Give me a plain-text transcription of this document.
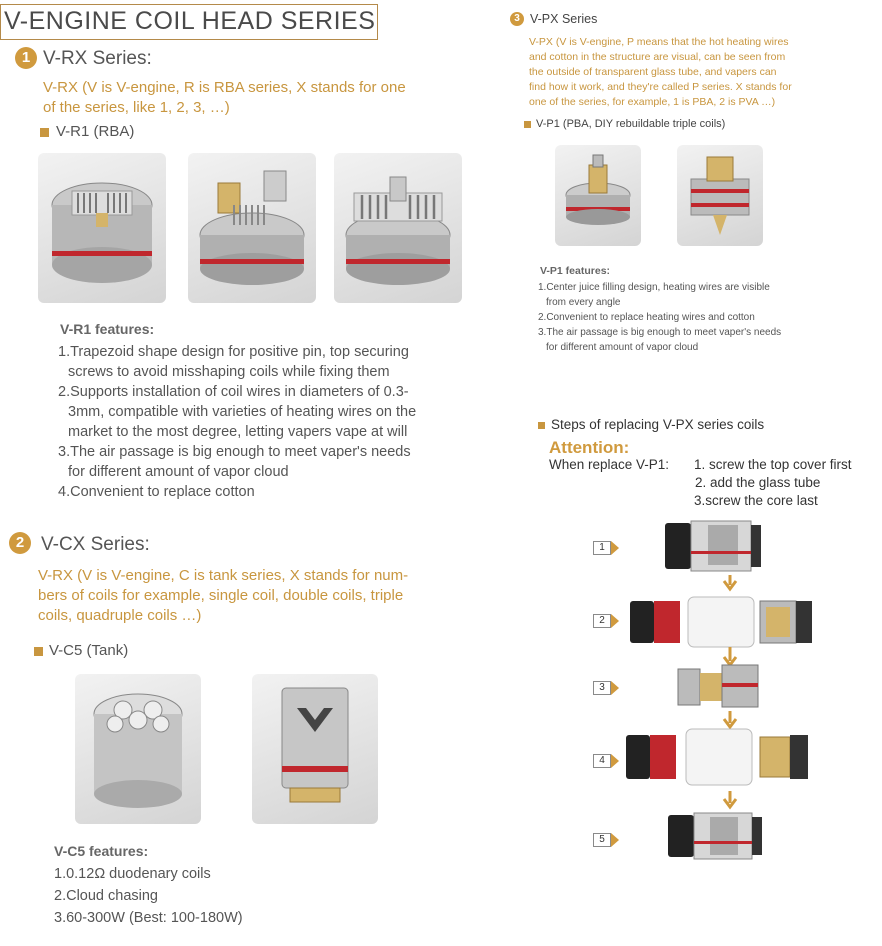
V-ENGINE COIL HEAD SERIES
1 V-RX Series:
V-RX (V is V-engine, R is RBA series, X stands for one
of the series, like 1, 2, 3, …)
V-R1 (RBA)
V-R1 features:
1.Trapezoid shape design for positive pin, top securing
screws to avoid misshaping coils while fixing them
2.Supports installation of coil wires in diameters of 0.3-
3mm, compatible with varieties of heating wires on the
market to the most degree, letting vapers vape at will
3.The air passage is big enough to meet vaper's needs
for different amount of vapor cloud
4.Convenient to replace cotton
2 V-CX Series:
V-RX (V is V-engine, C is tank series, X stands for num-
bers of coils for example, single coil, double coils, triple
coils, quadruple coils …)
V-C5 (Tank)
V-C5 features:
1.0.12Ω duodenary coils
2.Cloud chasing
3.60-300W (Best: 100-180W)
3 V-PX Series
V-PX (V is V-engine, P means that the hot heating wires
and cotton in the structure are visual, can be seen from
the outside of transparent glass tube, and vapers can
find how it work, and they're called P series. X stands for
one of the series, for example, 1 is PBA, 2 is PVA …)
V-P1 (PBA, DIY rebuildable triple coils)
V-P1 features:
1.Center juice filling design, heating wires are visible
from every angle
2.Convenient to replace heating wires and cotton
3.The air passage is big enough to meet vaper's needs
for different amount of vapor cloud
Steps of replacing V-PX series coils
Attention:
When replace V-P1: 1. screw the top cover first
2. add the glass tube
3.screw the core last
1
2
3
4
5
